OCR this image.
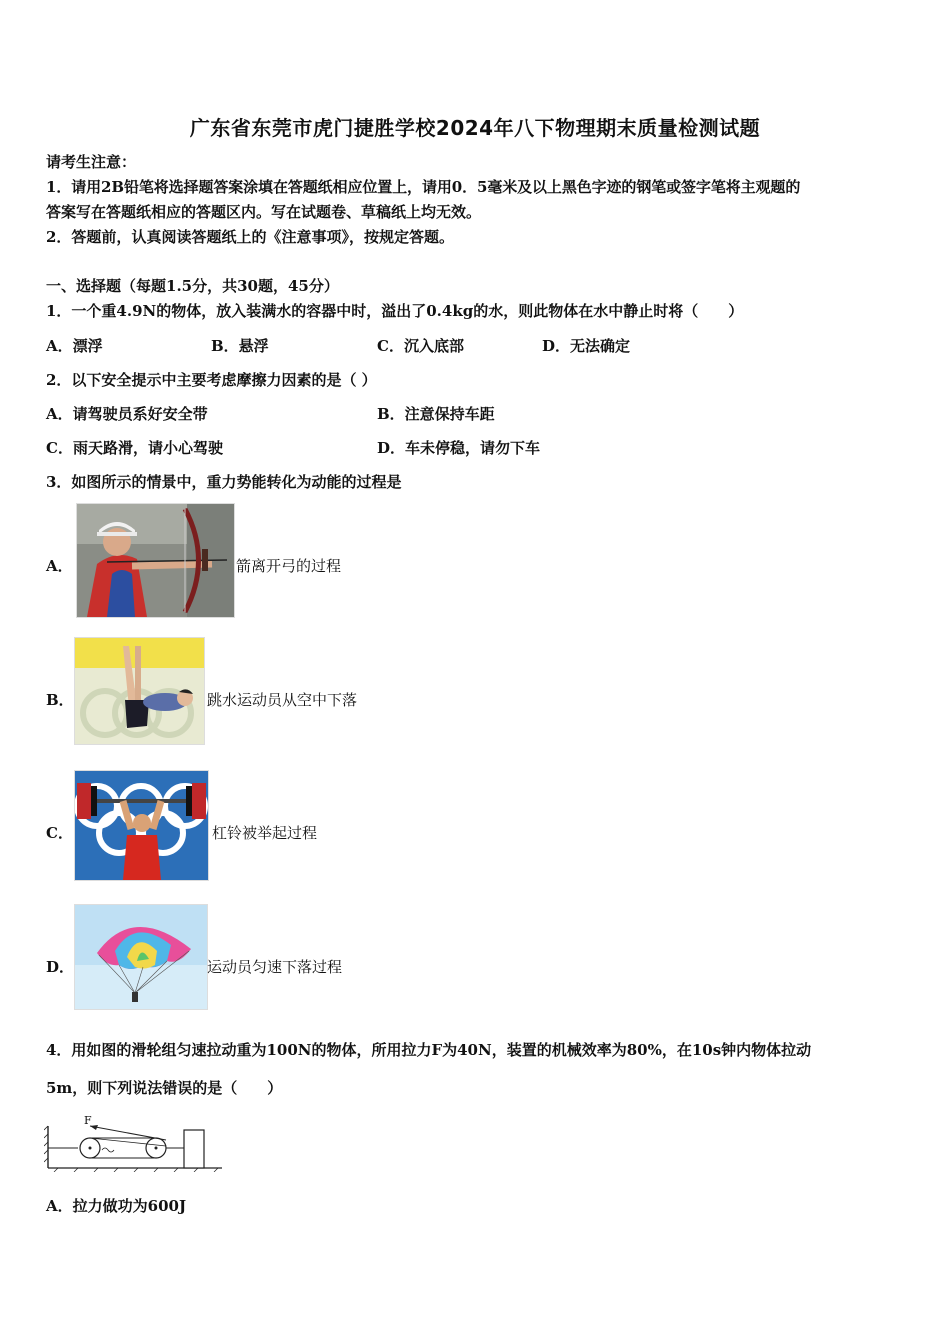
广东省东莞市虎门捷胜学校2024年八下物理期末质量检测试题
请考生注意：
1．请用2B铅笔将选择题答案涂填在答题纸相应位置上，请用0．5毫米及以上黑色字迹的钢笔或签字笔将主观题的
答案写在答题纸相应的答题区内。写在试题卷、草稿纸上均无效。
2．答题前，认真阅读答题纸上的《注意事项》，按规定答题。
一、选择题（每题1.5分，共30题，45分）
1．一个重4.9N的物体，放入装满水的容器中时，溢出了0.4kg的水，则此物体在水中静止时将（　　）
A．漂浮	B．悬浮	C．沉入底部	D．无法确定
2．以下安全提示中主要考虑摩擦力因素的是（ ）
A．请驾驶员系好安全带	B．注意保持车距
C．雨天路滑，请小心驾驶	D．车未停稳，请勿下车
3．如图所示的情景中，重力势能转化为动能的过程是
A．	箭离开弓的过程
B．	跳水运动员从空中下落
C．	杠铃被举起过程
D．	运动员匀速下落过程
4．用如图的滑轮组匀速拉动重为100N的物体，所用拉力F为40N，装置的机械效率为80%，在10s钟内物体拉动
5m，则下列说法错误的是（　　）
F
A．拉力做功为600J
